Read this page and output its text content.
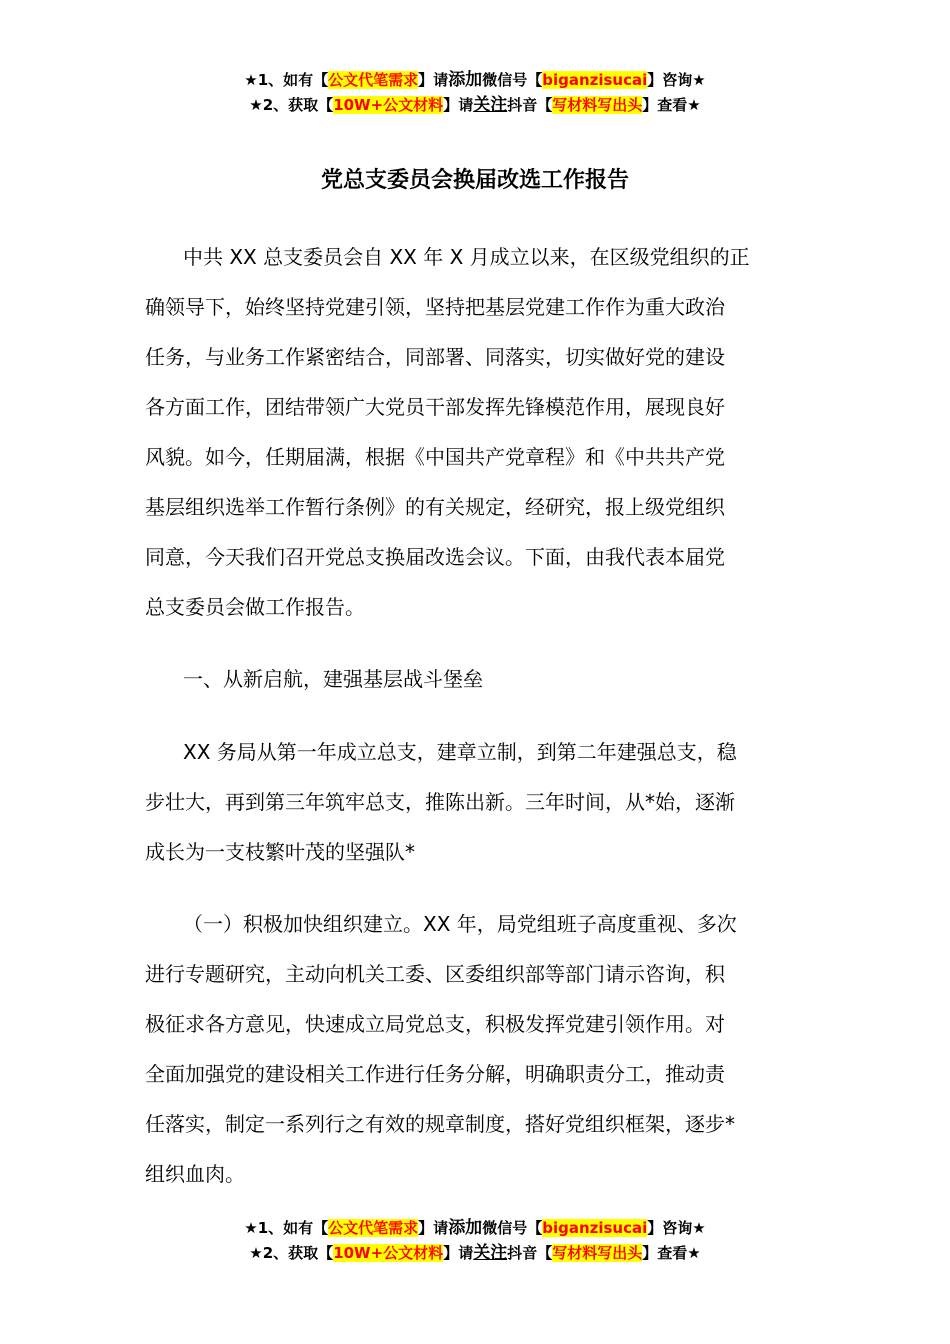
★1、如有【公文代笔需求】请添加微信号【biganzisucai】咨询★
★2、获取【10W+公文材料】请关注抖音【写材料写出头】查看★
党总支委员会换届改选工作报告
中共 XX 总支委员会自 XX 年 X 月成立以来，在区级党组织的正
确领导下，始终坚持党建引领，坚持把基层党建工作作为重大政治
任务，与业务工作紧密结合，同部署、同落实，切实做好党的建设
各方面工作，团结带领广大党员干部发挥先锋模范作用，展现良好
风貌。如今，任期届满，根据《中国共产党章程》和《中共共产党
基层组织选举工作暂行条例》的有关规定，经研究，报上级党组织
同意，今天我们召开党总支换届改选会议。下面，由我代表本届党
总支委员会做工作报告。
一、从新启航，建强基层战斗堡垒
XX 务局从第一年成立总支，建章立制，到第二年建强总支，稳
步壮大，再到第三年筑牢总支，推陈出新。三年时间，从*始，逐渐
成长为一支枝繁叶茂的坚强队*
（一）积极加快组织建立。XX 年，局党组班子高度重视、多次
进行专题研究，主动向机关工委、区委组织部等部门请示咨询，积
极征求各方意见，快速成立局党总支，积极发挥党建引领作用。对
全面加强党的建设相关工作进行任务分解，明确职责分工，推动责
任落实，制定一系列行之有效的规章制度，搭好党组织框架，逐步*
组织血肉。
★1、如有【公文代笔需求】请添加微信号【biganzisucai】咨询★
★2、获取【10W+公文材料】请关注抖音【写材料写出头】查看★
